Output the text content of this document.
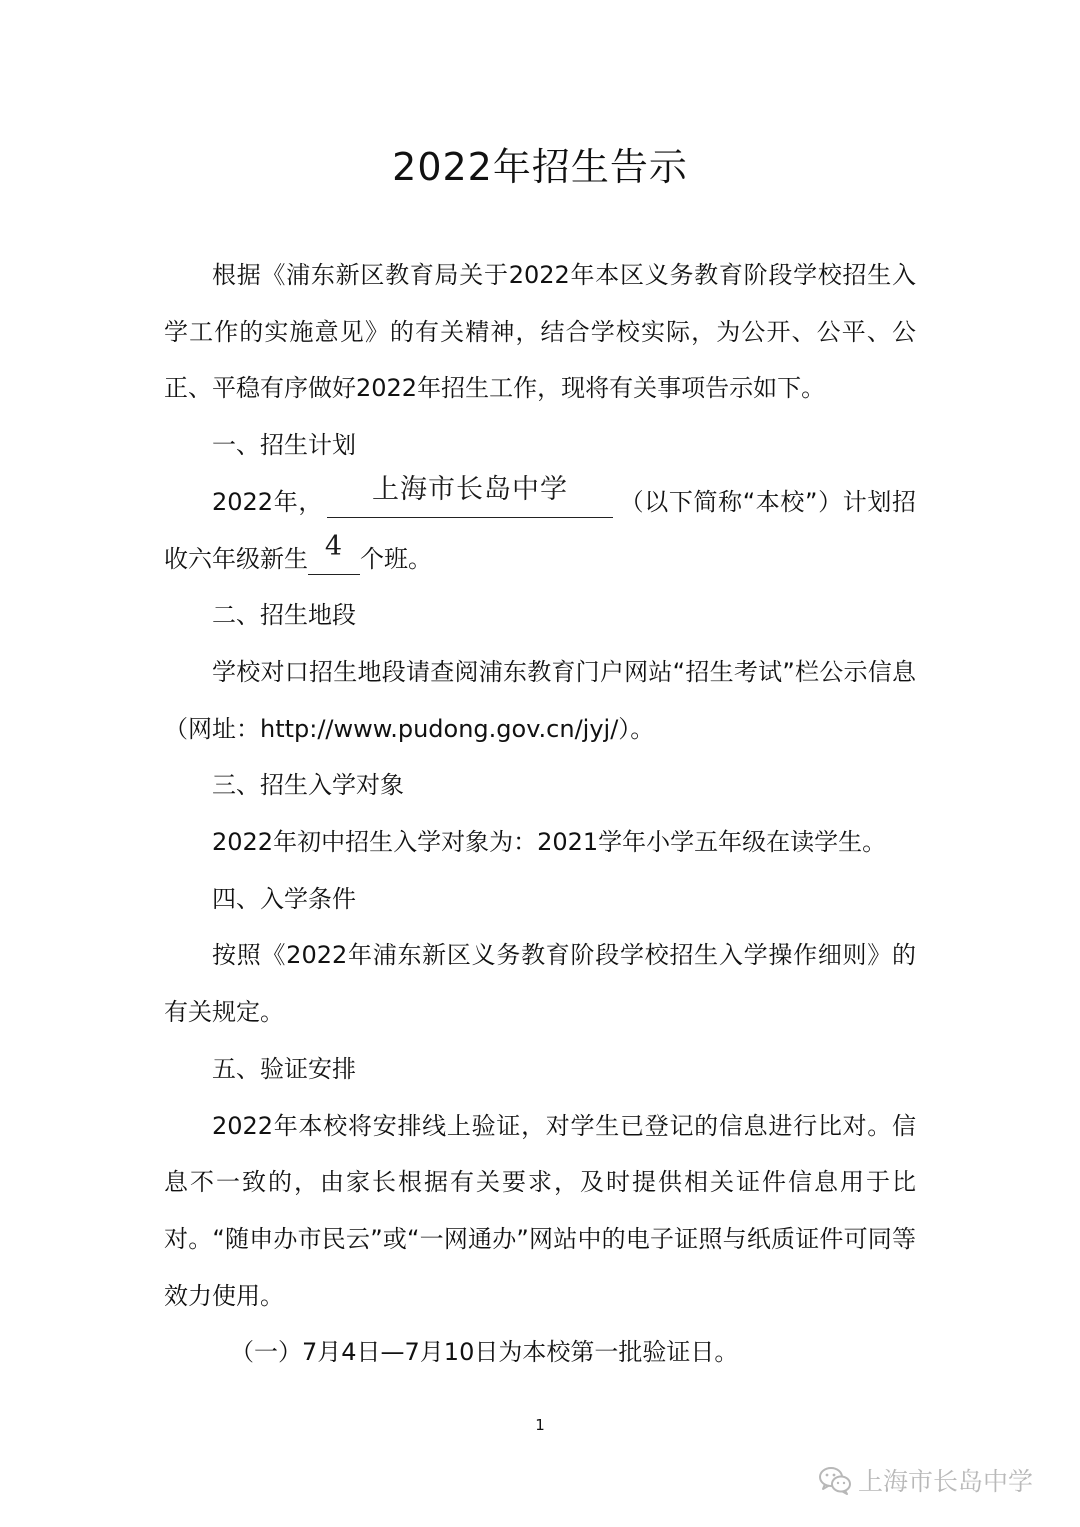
2022年招生告示

根据《浦东新区教育局关于2022年本区义务教育阶段学校招生入学工作的实施意见》的有关精神，结合学校实际，为公开、公平、公正、平稳有序做好2022年招生工作，现将有关事项告示如下。

一、招生计划

2022年， 上海市长岛中学 （以下简称“本校”）计划招收六年级新生 4 个班。

二、招生地段

学校对口招生地段请查阅浦东教育门户网站“招生考试”栏公示信息（网址：http://www.pudong.gov.cn/jyj/）。

三、招生入学对象

2022年初中招生入学对象为：2021学年小学五年级在读学生。

四、入学条件

按照《2022年浦东新区义务教育阶段学校招生入学操作细则》的有关规定。

五、验证安排

2022年本校将安排线上验证，对学生已登记的信息进行比对。信息不一致的，由家长根据有关要求，及时提供相关证件信息用于比对。“随申办市民云”或“一网通办”网站中的电子证照与纸质证件可同等效力使用。

（一）7月4日—7月10日为本校第一批验证日。

1
上海市长岛中学
